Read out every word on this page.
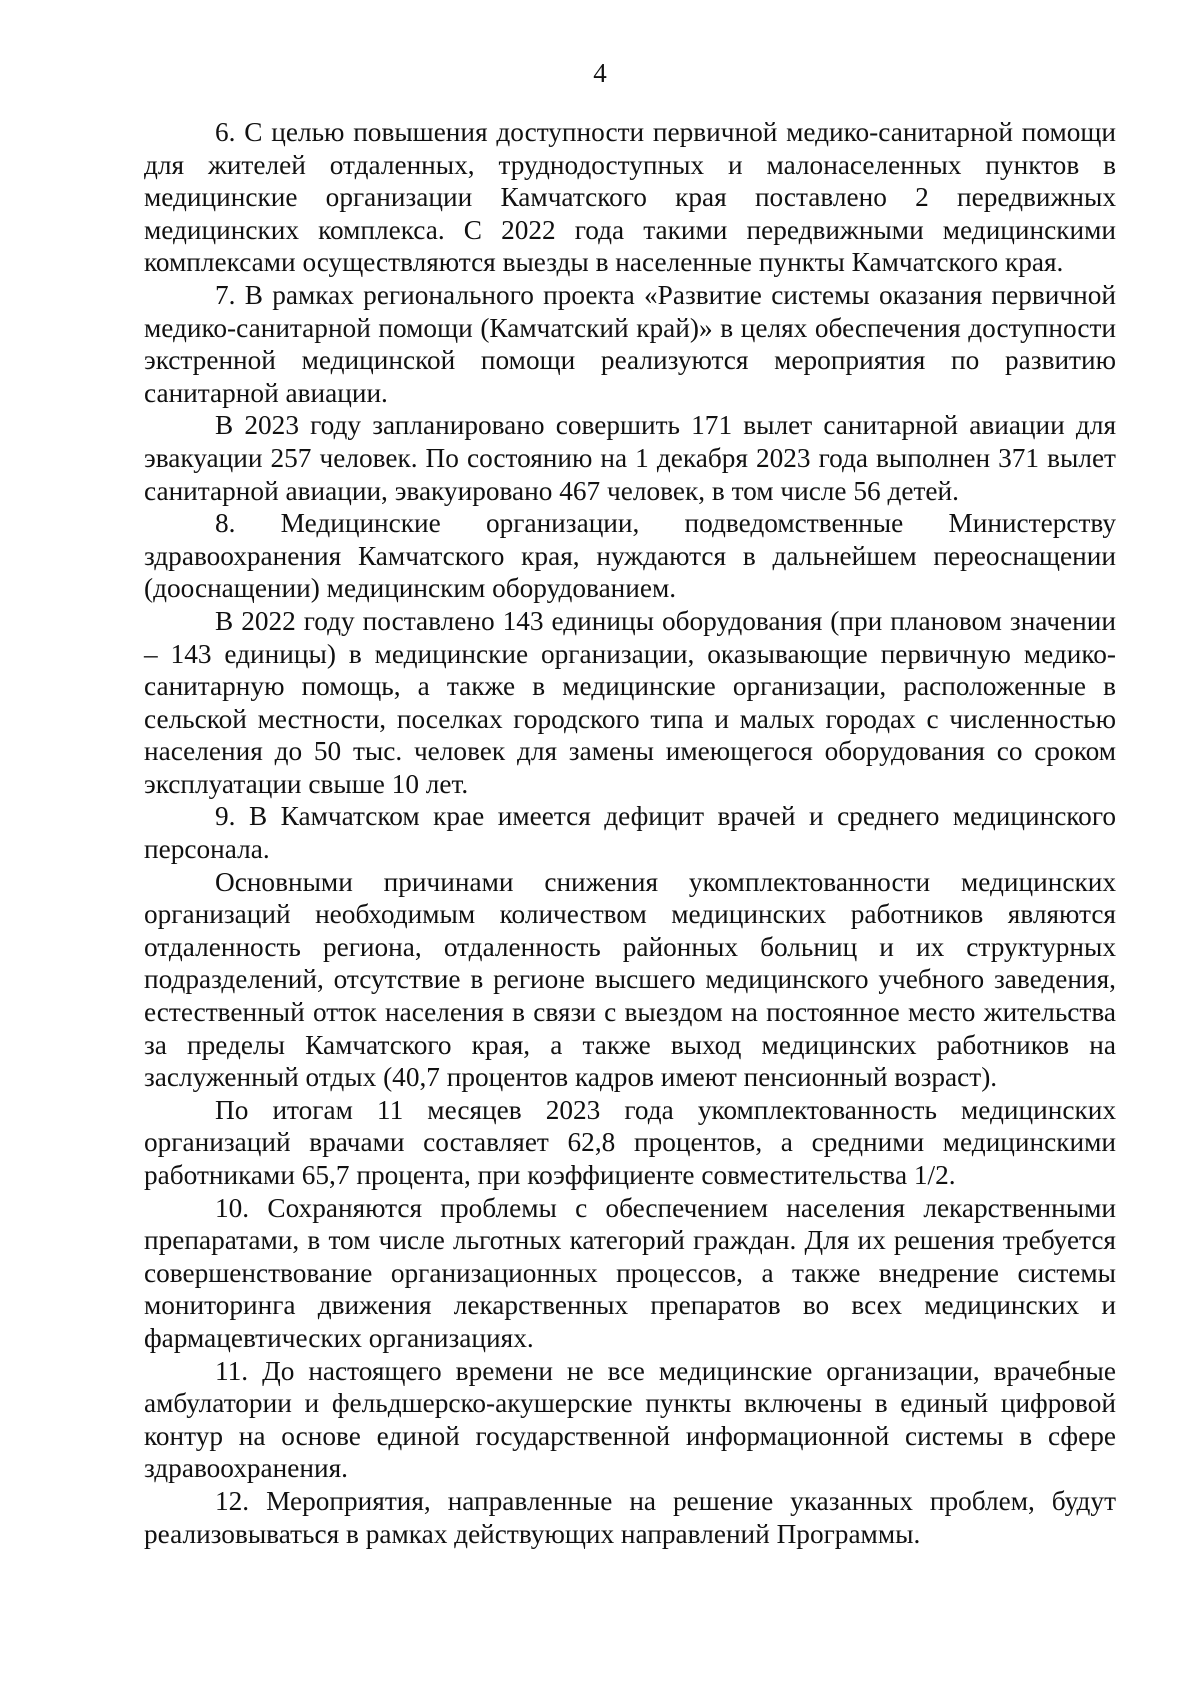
4

6. С целью повышения доступности первичной медико-санитарной помощи для жителей отдаленных, труднодоступных и малонаселенных пунктов в медицинские организации Камчатского края поставлено 2 передвижных медицинских комплекса. С 2022 года такими передвижными медицинскими комплексами осуществляются выезды в населенные пункты Камчатского края.

7. В рамках регионального проекта «Развитие системы оказания первичной медико-санитарной помощи (Камчатский край)» в целях обеспечения доступности экстренной медицинской помощи реализуются мероприятия по развитию санитарной авиации.

В 2023 году запланировано совершить 171 вылет санитарной авиации для эвакуации 257 человек. По состоянию на 1 декабря 2023 года выполнен 371 вылет санитарной авиации, эвакуировано 467 человек, в том числе 56 детей.

8. Медицинские организации, подведомственные Министерству здравоохранения Камчатского края, нуждаются в дальнейшем переоснащении (дооснащении) медицинским оборудованием.

В 2022 году поставлено 143 единицы оборудования (при плановом значении – 143 единицы) в медицинские организации, оказывающие первичную медико-санитарную помощь, а также в медицинские организации, расположенные в сельской местности, поселках городского типа и малых городах с численностью населения до 50 тыс. человек для замены имеющегося оборудования со сроком эксплуатации свыше 10 лет.

9. В Камчатском крае имеется дефицит врачей и среднего медицинского персонала.

Основными причинами снижения укомплектованности медицинских организаций необходимым количеством медицинских работников являются отдаленность региона, отдаленность районных больниц и их структурных подразделений, отсутствие в регионе высшего медицинского учебного заведения, естественный отток населения в связи с выездом на постоянное место жительства за пределы Камчатского края, а также выход медицинских работников на заслуженный отдых (40,7 процентов кадров имеют пенсионный возраст).

По итогам 11 месяцев 2023 года укомплектованность медицинских организаций врачами составляет 62,8 процентов, а средними медицинскими работниками 65,7 процента, при коэффициенте совместительства 1/2.

10. Сохраняются проблемы с обеспечением населения лекарственными препаратами, в том числе льготных категорий граждан. Для их решения требуется совершенствование организационных процессов, а также внедрение системы мониторинга движения лекарственных препаратов во всех медицинских и фармацевтических организациях.

11. До настоящего времени не все медицинские организации, врачебные амбулатории и фельдшерско-акушерские пункты включены в единый цифровой контур на основе единой государственной информационной системы в сфере здравоохранения.

12. Мероприятия, направленные на решение указанных проблем, будут реализовываться в рамках действующих направлений Программы.
